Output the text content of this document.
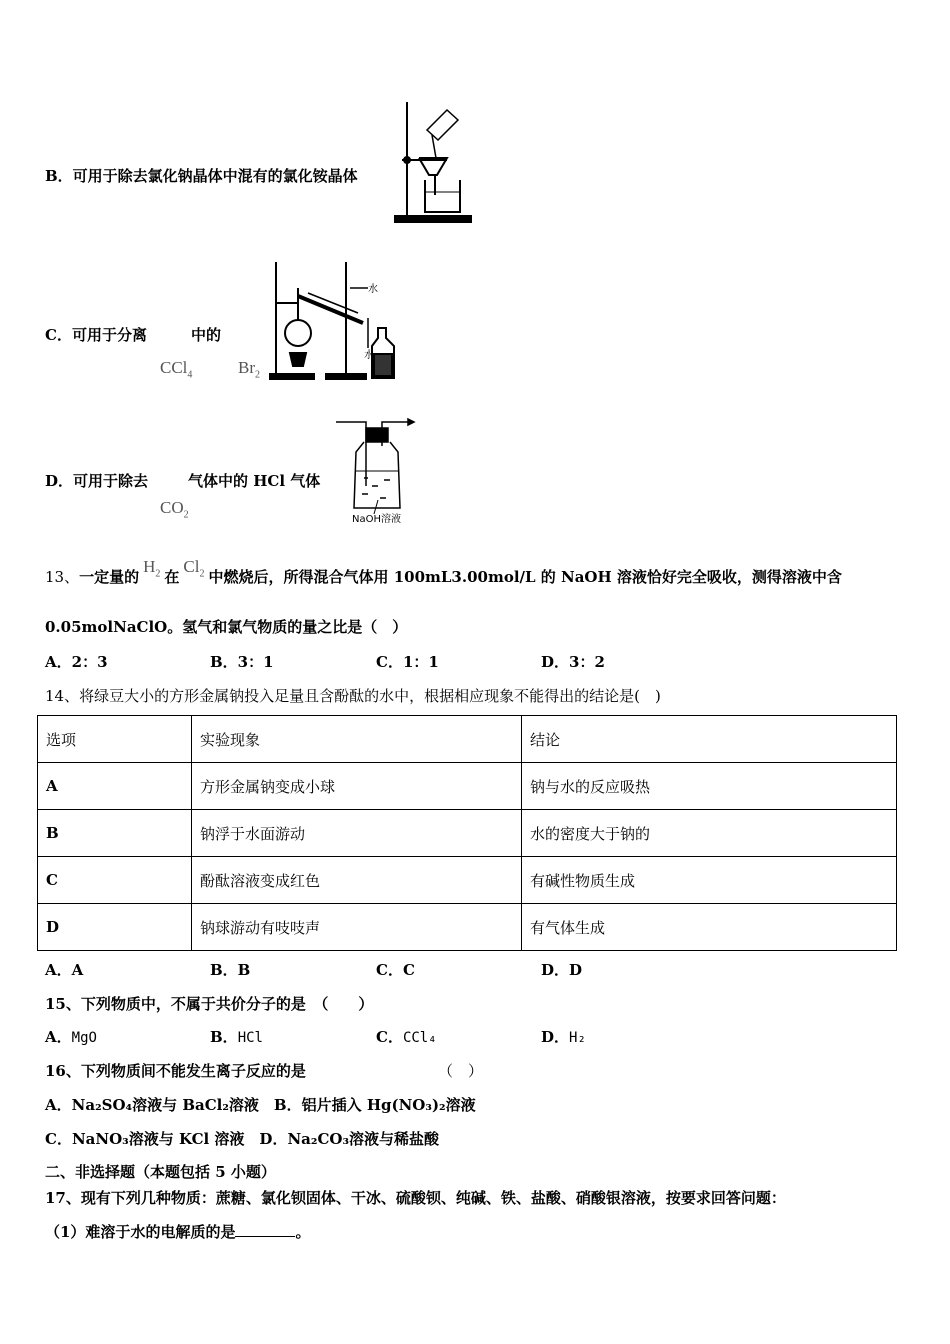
B．可用于除去氯化钠晶体中混有的氯化铵晶体
C．可用于分离	中的
CCl$_4$	$Br_2$
水
水
D．可用于除去	气体中的 HCl 气体
$CO_2$	NaOH溶液
13、一定量的$H_2$ 在$Cl_2$ 中燃烧后，所得混合气体用 100mL3.00mol/L 的 NaOH 溶液恰好完全吸收，测得溶液中含
0.05molNaClO。氢气和氯气物质的量之比是（　）
A．2：3	B．3：1	C．1：1	D．3：2
14、将绿豆大小的方形金属钠投入足量且含酚酞的水中，根据相应现象不能得出的结论是(　)
选项	实验现象	结论
A	方形金属钠变成小球	钠与水的反应吸热
B	钠浮于水面游动	水的密度大于钠的
C	酚酞溶液变成红色	有碱性物质生成
D	钠球游动有吱吱声	有气体生成
A．A	B．B	C．C	D．D
15、下列物质中，不属于共价分子的是　（　　）
A．MgO	B．HCl	C．CCl₄	D．H₂
16、下列物质间不能发生离子反应的是	（　）
A．Na₂SO₄溶液与 BaCl₂溶液　B．铝片插入 Hg(NO₃)₂溶液
C．NaNO₃溶液与 KCl 溶液　D．Na₂CO₃溶液与稀盐酸
二、非选择题（本题包括 5 小题）
17、现有下列几种物质：蔗糖、氯化钡固体、干冰、硫酸钡、纯碱、铁、盐酸、硝酸银溶液，按要求回答问题：
（1）难溶于水的电解质的是	。
